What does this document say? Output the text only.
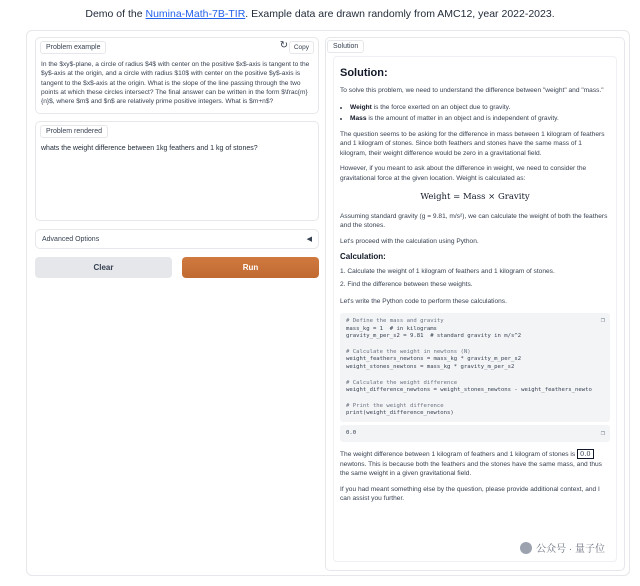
Demo of the Numina-Math-7B-TIR. Example data are drawn randomly from AMC12, year 2022-2023.
Problem example	↻ Copy
In the $xy$-plane, a circle of radius $4$ with center on the positive $x$-axis is tangent to the $y$-axis at the origin, and a circle with radius $10$ with center on the positive $y$-axis is tangent to the $x$-axis at the origin. What is the slope of the line passing through the two points at which these circles intersect? The final answer can be written in the form $\frac{m}{n}$, where $m$ and $n$ are relatively prime positive integers. What is $m+n$?
Problem rendered
whats the weight difference between 1kg feathers and 1 kg of stones?
Advanced Options	◀
Clear	Run
Solution
Solution:

To solve this problem, we need to understand the difference between "weight" and "mass."

• Weight is the force exerted on an object due to gravity.
• Mass is the amount of matter in an object and is independent of gravity.

The question seems to be asking for the difference in mass between 1 kilogram of feathers and 1 kilogram of stones. Since both feathers and stones have the same mass of 1 kilogram, their weight difference would be zero in a gravitational field.

However, if you meant to ask about the difference in weight, we need to consider the gravitational force at the given location. Weight is calculated as:

Weight = Mass × Gravity

Assuming standard gravity (g = 9.81, m/s²), we can calculate the weight of both the feathers and the stones.

Let's proceed with the calculation using Python.

Calculation:
1. Calculate the weight of 1 kilogram of feathers and 1 kilogram of stones.
2. Find the difference between these weights.

Let's write the Python code to perform these calculations.

❐
# Define the mass and gravity
mass_kg = 1  # in kilograms
gravity_m_per_s2 = 9.81  # standard gravity in m/s^2

# Calculate the weight in newtons (N)
weight_feathers_newtons = mass_kg * gravity_m_per_s2
weight_stones_newtons = mass_kg * gravity_m_per_s2

# Calculate the weight difference
weight_difference_newtons = weight_stones_newtons - weight_feathers_newto

# Print the weight difference
print(weight_difference_newtons)
0.0	❐

The weight difference between 1 kilogram of feathers and 1 kilogram of stones is 0.0 newtons. This is because both the feathers and the stones have the same mass, and thus the same weight in a given gravitational field.

If you had meant something else by the question, please provide additional context, and I can assist you further.

公众号 · 量子位
